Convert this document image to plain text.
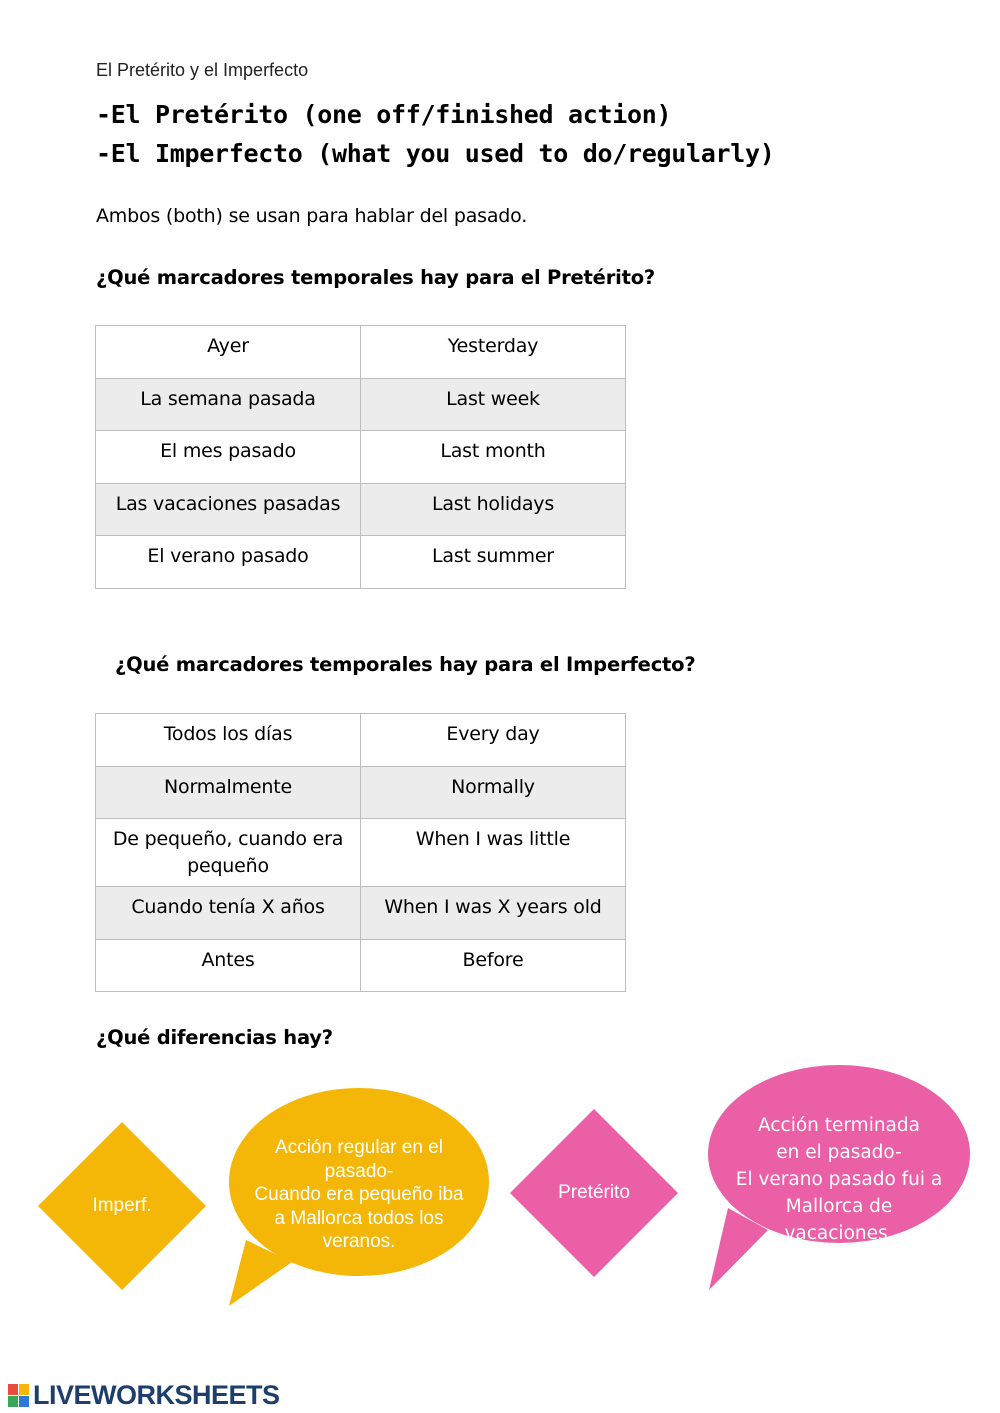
El Pretérito y el Imperfecto
-El Pretérito (one off/finished action)
-El Imperfecto (what you used to do/regularly)
Ambos (both) se usan para hablar del pasado.
¿Qué marcadores temporales hay para el Pretérito?
Ayer	Yesterday
La semana pasada	Last week
El mes pasado	Last month
Las vacaciones pasadas	Last holidays
El verano pasado	Last summer
¿Qué marcadores temporales hay para el Imperfecto?
Todos los días	Every day
Normalmente	Normally
De pequeño, cuando era pequeño	When I was little
Cuando tenía X años	When I was X years old
Antes	Before
¿Qué diferencias hay?
Imperf.
Acción regular en el
pasado-
Cuando era pequeño iba
a Mallorca todos los
veranos.
Pretérito
Acción terminada
en el pasado-
El verano pasado fui a
Mallorca de
vacaciones.
LIVEWORKSHEETS
